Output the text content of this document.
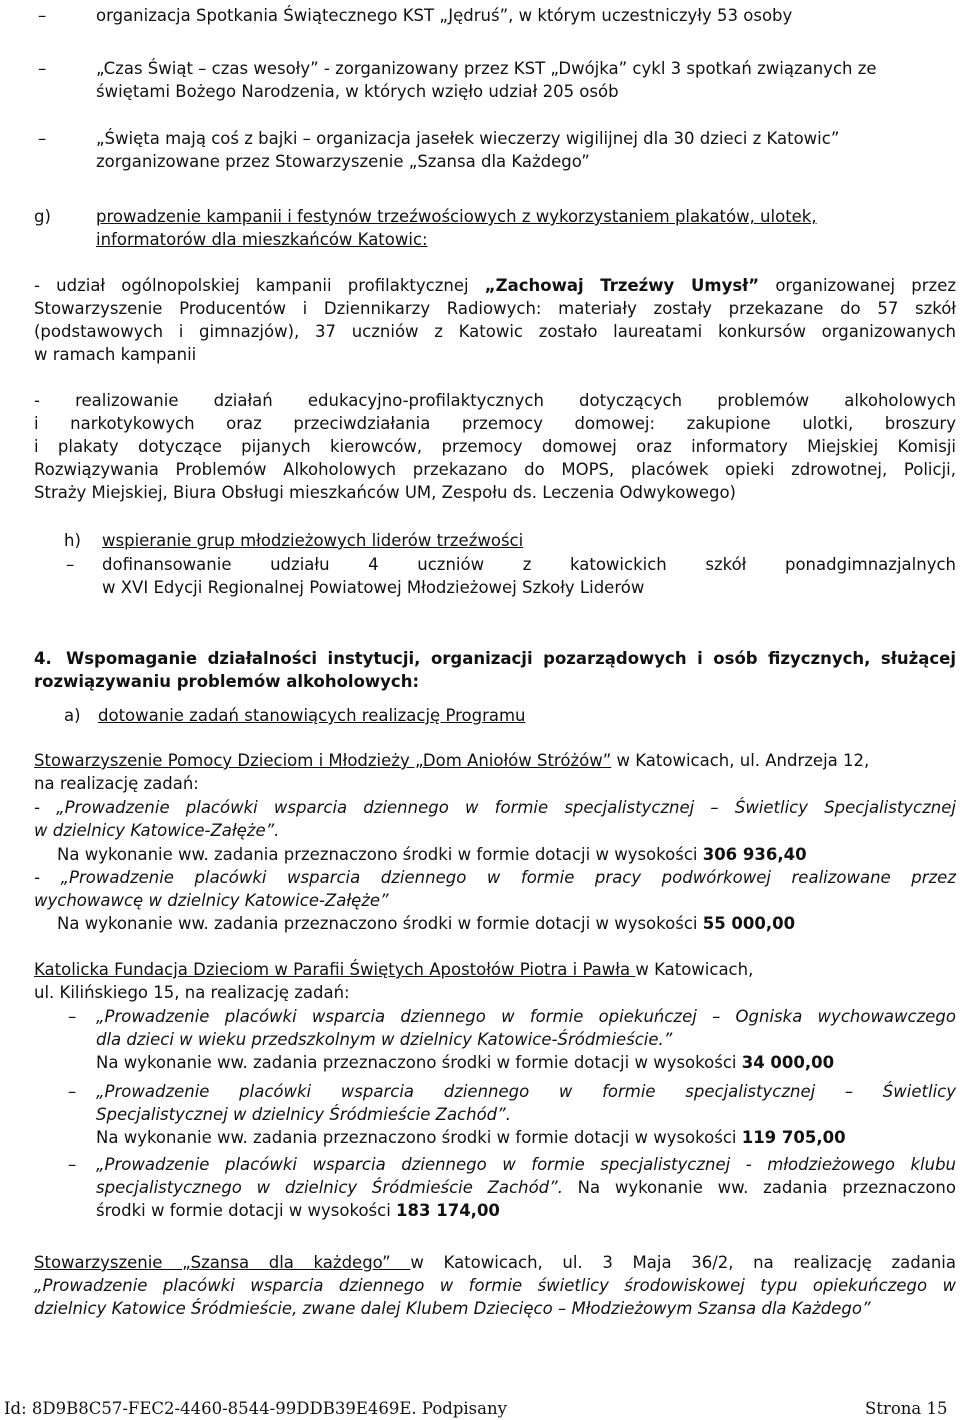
–	organizacja Spotkania Świątecznego KST „Jędruś”, w którym uczestniczyły 53 osoby
–	„Czas Świąt – czas wesoły” - zorganizowany przez KST „Dwójka” cykl 3 spotkań związanych ze
świętami Bożego Narodzenia, w których wzięło udział 205 osób
–	„Święta mają coś z bajki – organizacja jasełek wieczerzy wigilijnej dla 30 dzieci z Katowic”
zorganizowane przez Stowarzyszenie „Szansa dla Każdego”
g)	prowadzenie kampanii i festynów trzeźwościowych z wykorzystaniem plakatów, ulotek,
informatorów dla mieszkańców Katowic:
- udział ogólnopolskiej kampanii profilaktycznej „Zachowaj Trzeźwy Umysł” organizowanej przez
Stowarzyszenie Producentów i Dziennikarzy Radiowych: materiały zostały przekazane do 57 szkół
(podstawowych i gimnazjów), 37 uczniów z Katowic zostało laureatami konkursów organizowanych
w ramach kampanii
- realizowanie działań edukacyjno-profilaktycznych dotyczących problemów alkoholowych
i narkotykowych oraz przeciwdziałania przemocy domowej: zakupione ulotki, broszury
i plakaty dotyczące pijanych kierowców, przemocy domowej oraz informatory Miejskiej Komisji
Rozwiązywania Problemów Alkoholowych przekazano do MOPS, placówek opieki zdrowotnej, Policji,
Straży Miejskiej, Biura Obsługi mieszkańców UM, Zespołu ds. Leczenia Odwykowego)
h) wspieranie grup młodzieżowych liderów trzeźwości
– dofinansowanie udziału 4 uczniów z katowickich szkół ponadgimnazjalnych
w XVI Edycji Regionalnej Powiatowej Młodzieżowej Szkoły Liderów
4. Wspomaganie działalności instytucji, organizacji pozarządowych i osób fizycznych, służącej
rozwiązywaniu problemów alkoholowych:
a) dotowanie zadań stanowiących realizację Programu
Stowarzyszenie Pomocy Dzieciom i Młodzieży „Dom Aniołów Stróżów” w Katowicach, ul. Andrzeja 12,
na realizację zadań:
- „Prowadzenie placówki wsparcia dziennego w formie specjalistycznej – Świetlicy Specjalistycznej
w dzielnicy Katowice-Załęże”.
Na wykonanie ww. zadania przeznaczono środki w formie dotacji w wysokości 306 936,40
- „Prowadzenie placówki wsparcia dziennego w formie pracy podwórkowej realizowane przez
wychowawcę w dzielnicy Katowice-Załęże”
Na wykonanie ww. zadania przeznaczono środki w formie dotacji w wysokości 55 000,00
Katolicka Fundacja Dzieciom w Parafii Świętych Apostołów Piotra i Pawła w Katowicach,
ul. Kilińskiego 15, na realizację zadań:
– „Prowadzenie placówki wsparcia dziennego w formie opiekuńczej – Ogniska wychowawczego
dla dzieci w wieku przedszkolnym w dzielnicy Katowice-Śródmieście.”
Na wykonanie ww. zadania przeznaczono środki w formie dotacji w wysokości 34 000,00
– „Prowadzenie placówki wsparcia dziennego w formie specjalistycznej – Świetlicy
Specjalistycznej w dzielnicy Śródmieście Zachód”.
Na wykonanie ww. zadania przeznaczono środki w formie dotacji w wysokości 119 705,00
– „Prowadzenie placówki wsparcia dziennego w formie specjalistycznej - młodzieżowego klubu
specjalistycznego w dzielnicy Śródmieście Zachód”. Na wykonanie ww. zadania przeznaczono
środki w formie dotacji w wysokości 183 174,00
Stowarzyszenie „Szansa dla każdego” w Katowicach, ul. 3 Maja 36/2, na realizację zadania
„Prowadzenie placówki wsparcia dziennego w formie świetlicy środowiskowej typu opiekuńczego w
dzielnicy Katowice Śródmieście, zwane dalej Klubem Dziecięco – Młodzieżowym Szansa dla Każdego”
Id: 8D9B8C57-FEC2-4460-8544-99DDB39E469E. Podpisany	Strona 15
